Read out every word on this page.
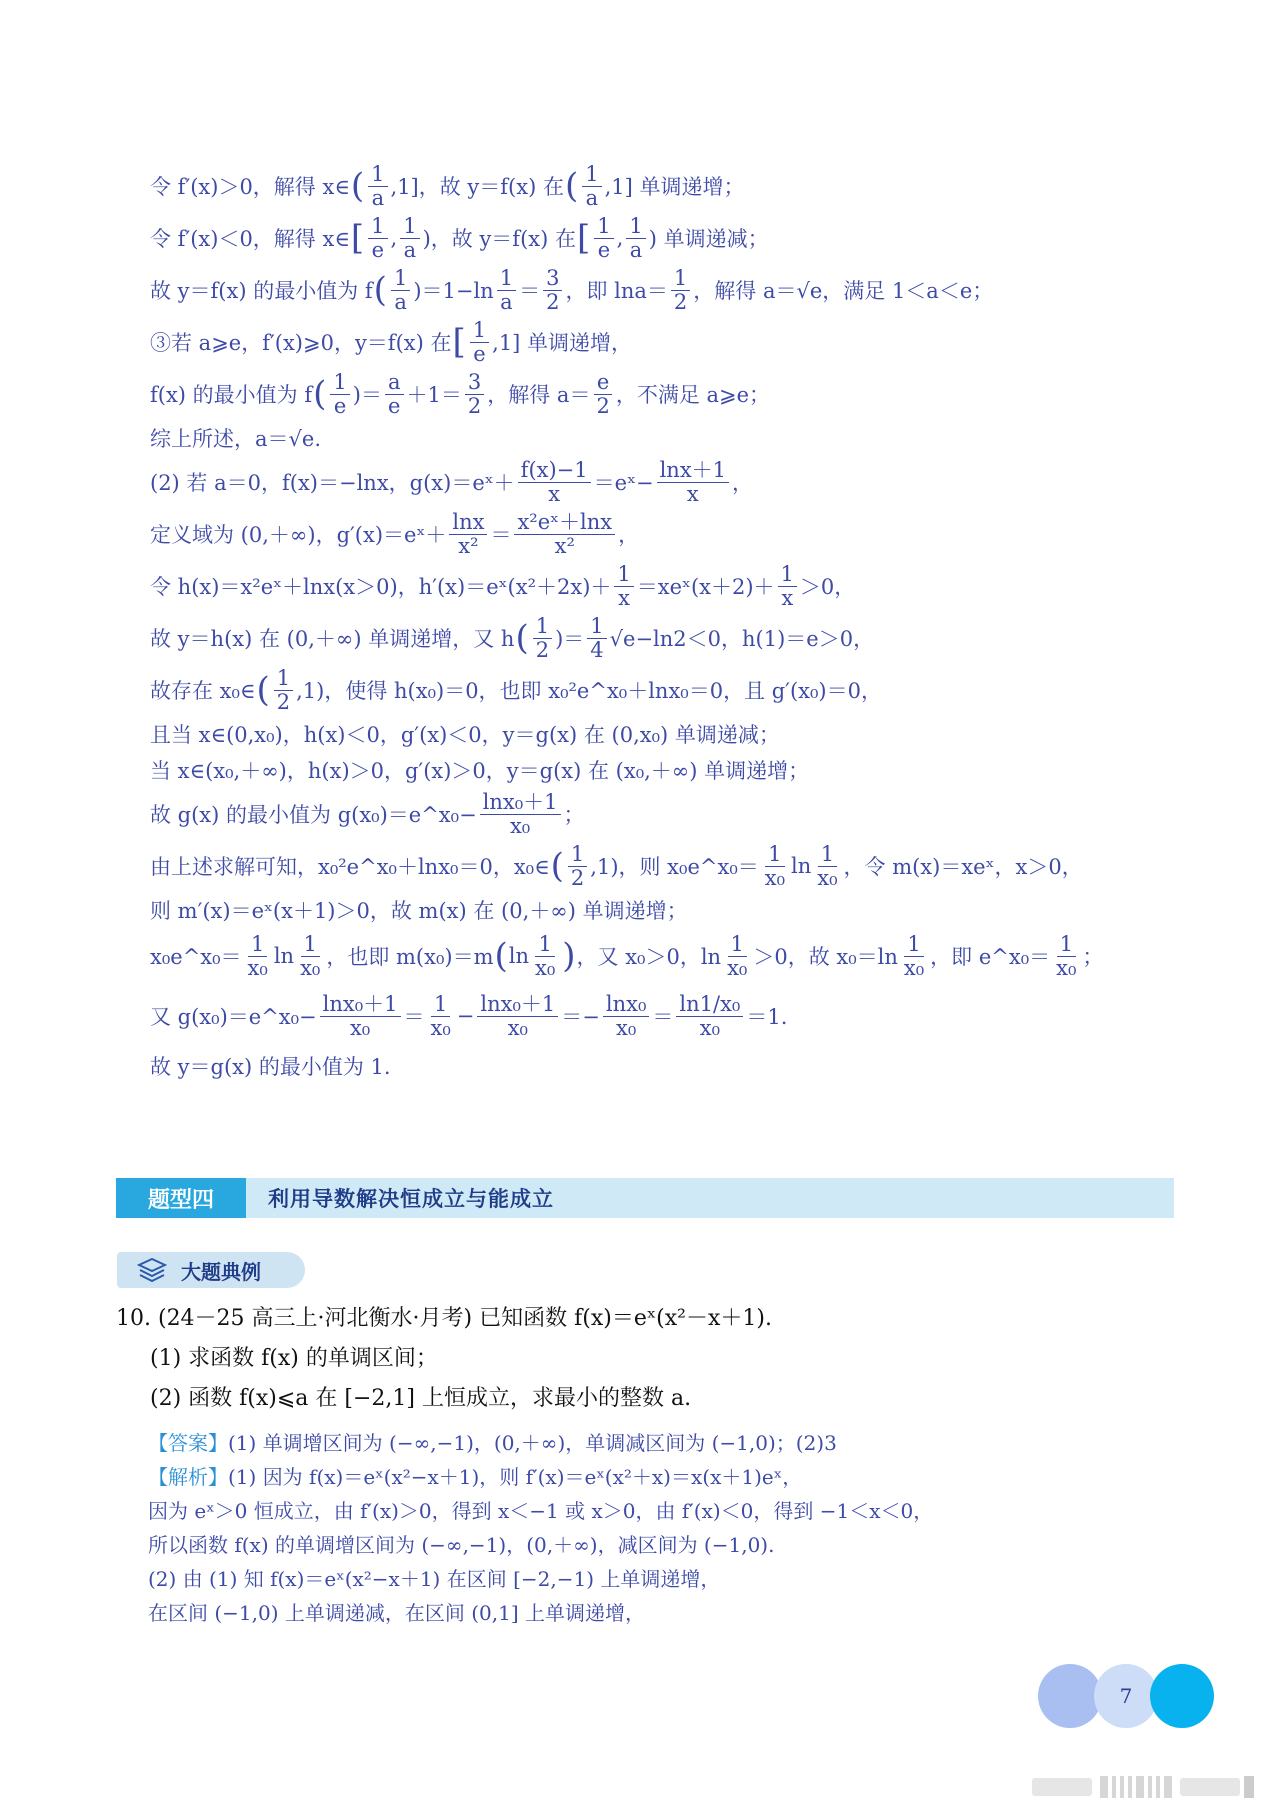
令 f′(x)＞0，解得 x∈ ( 1
a ,1]，故 y＝f(x) 在 ( 1
a ,1] 单调递增；
令 f′(x)＜0，解得 x∈ [ 1
e , 1
a )，故 y＝f(x) 在 [ 1
e , 1
a ) 单调递减；
故 y＝f(x) 的最小值为 f ( 1
a )＝1−ln
1
a ＝
3
2 ，即 lna＝
1
2 ，解得 a＝√e，满足 1＜a＜e；
③若 a⩾e，f′(x)⩾0，y＝f(x) 在 [ 1
e ,1] 单调递增，
f(x) 的最小值为 f ( 1
e )＝
a
e ＋1＝
3
2 ，解得 a＝
e
2 ，不满足 a⩾e；
综上所述，a＝√e.
(2) 若 a＝0，f(x)＝−lnx，g(x)＝eˣ＋
f(x)−1
x ＝eˣ− $\frac{\ln x+1}{x}$ ，
定义域为 (0,＋∞)，g′(x)＝eˣ＋
lnx
x² ＝
x²eˣ＋lnx
x² ，
令 h(x)＝x²eˣ＋lnx(x＞0)，h′(x)＝eˣ(x²＋2x)＋
1
x ＝xeˣ(x＋2)＋
1
x ＞0，
故 y＝h(x) 在 (0,＋∞) 单调递增，又 h ( 1
2 )＝
1
4 √e−ln2＜0，h(1)＝e＞0，
故存在 x₀∈ ( 1
2 ,1)，使得 h(x₀)＝0，也即 x₀²e^x₀＋lnx₀＝0，且 g′(x₀)＝0，
且当 x∈(0,x₀)，h(x)＜0，g′(x)＜0，y＝g(x) 在 (0,x₀) 单调递减；
当 x∈(x₀,＋∞)，h(x)＞0，g′(x)＞0，y＝g(x) 在 (x₀,＋∞) 单调递增；
故 g(x) 的最小值为 g(x₀)＝e^x₀− $\frac{\text{lnx₀＋1}}{\text{x₀}}$ ；
由上述求解可知，x₀²e^x₀＋lnx₀＝0，x₀∈ ( 1
2 ,1)，则 x₀e^x₀＝
1
x₀ ln 1
x₀ ，令 m(x)＝xeˣ，x＞0，
则 m′(x)＝eˣ(x＋1)＞0，故 m(x) 在 (0,＋∞) 单调递增；
x₀e^x₀＝
1
x₀ ln 1
x₀ ，也即 m(x₀)＝m ( ln 1
x₀ ) ，又 x₀＞0，ln
1
x₀ ＞0，故 x₀＝ln
1
x₀ ，即 e^x₀＝
1
x₀ ；
又 g(x₀)＝e^x₀− $\frac{\text{lnx₀＋1}}{\text{x₀}}$ ＝
1
$x_0 - \frac{\text{lnx₀＋1}}{\text{x₀}} =- \frac{\text{lnx₀}}{\text{x₀}}$ ＝
ln1/x₀
x₀ ＝1.
故 y＝g(x) 的最小值为 1.
题型四	利用导数解决恒成立与能成立
大题典例
10. (24－25 高三上·河北衡水·月考) 已知函数 f(x)＝eˣ(x²－x＋1).
(1) 求函数 f(x) 的单调区间；
(2) 函数 f(x)⩽a 在 [−2,1] 上恒成立，求最小的整数 a.
【答案】 (1) 单调增区间为 (−∞,−1)，(0,＋∞)，单调减区间为 (−1,0)；(2)3
【解析】 (1) 因为 f(x)＝eˣ(x²−x＋1)，则 f′(x)＝eˣ(x²＋x)＝x(x＋1)eˣ，
因为 eˣ＞0 恒成立，由 f′(x)＞0，得到 x＜−1 或 x＞0，由 f′(x)＜0，得到 −1＜x＜0，
所以函数 f(x) 的单调增区间为 (−∞,−1)，(0,＋∞)，减区间为 (−1,0).
(2) 由 (1) 知 f(x)＝eˣ(x²−x＋1) 在区间 [−2,−1) 上单调递增，
在区间 (−1,0) 上单调递减，在区间 (0,1] 上单调递增，
7
